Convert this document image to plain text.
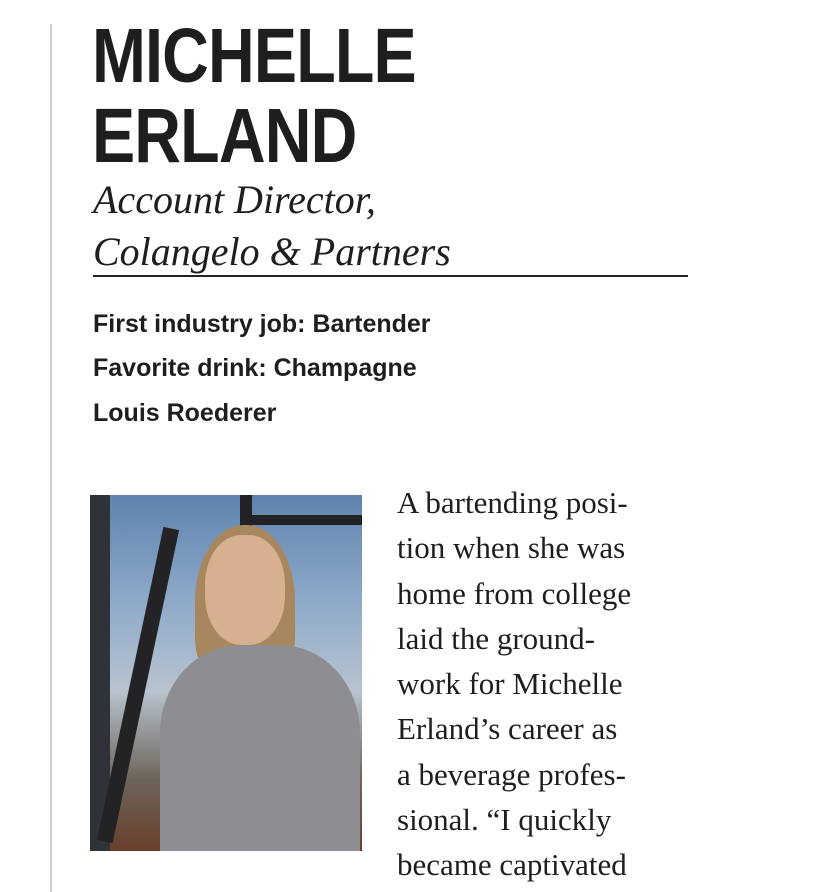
MICHELLE
ERLAND
Account Director,
Colangelo & Partners
First industry job: Bartender
Favorite drink: Champagne
Louis Roederer
A bartending posi-
tion when she was
home from college
laid the ground-
work for Michelle
Erland’s career as
a beverage profes-
sional. “I quickly
became captivated
